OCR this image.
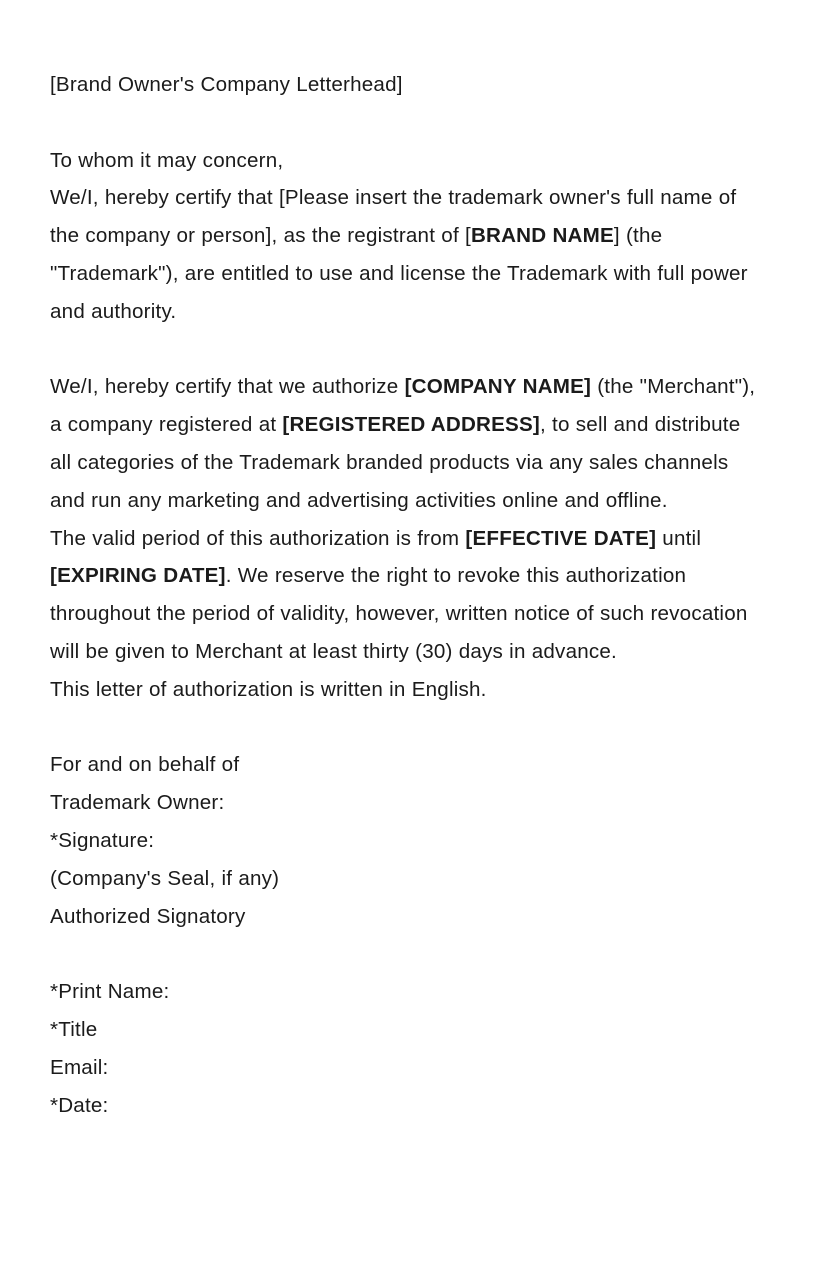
[Brand Owner's Company Letterhead]

To whom it may concern,

We/I, hereby certify that [Please insert the trademark owner's full name of the company or person], as the registrant of [BRAND NAME] (the "Trademark"), are entitled to use and license the Trademark with full power and authority.

We/I, hereby certify that we authorize [COMPANY NAME] (the "Merchant"), a company registered at [REGISTERED ADDRESS], to sell and distribute all categories of the Trademark branded products via any sales channels and run any marketing and advertising activities online and offline.

The valid period of this authorization is from [EFFECTIVE DATE] until [EXPIRING DATE]. We reserve the right to revoke this authorization throughout the period of validity, however, written notice of such revocation will be given to Merchant at least thirty (30) days in advance.

This letter of authorization is written in English.

For and on behalf of

Trademark Owner:

*Signature:

(Company's Seal, if any)

Authorized Signatory

*Print Name:

*Title

Email:

*Date:
